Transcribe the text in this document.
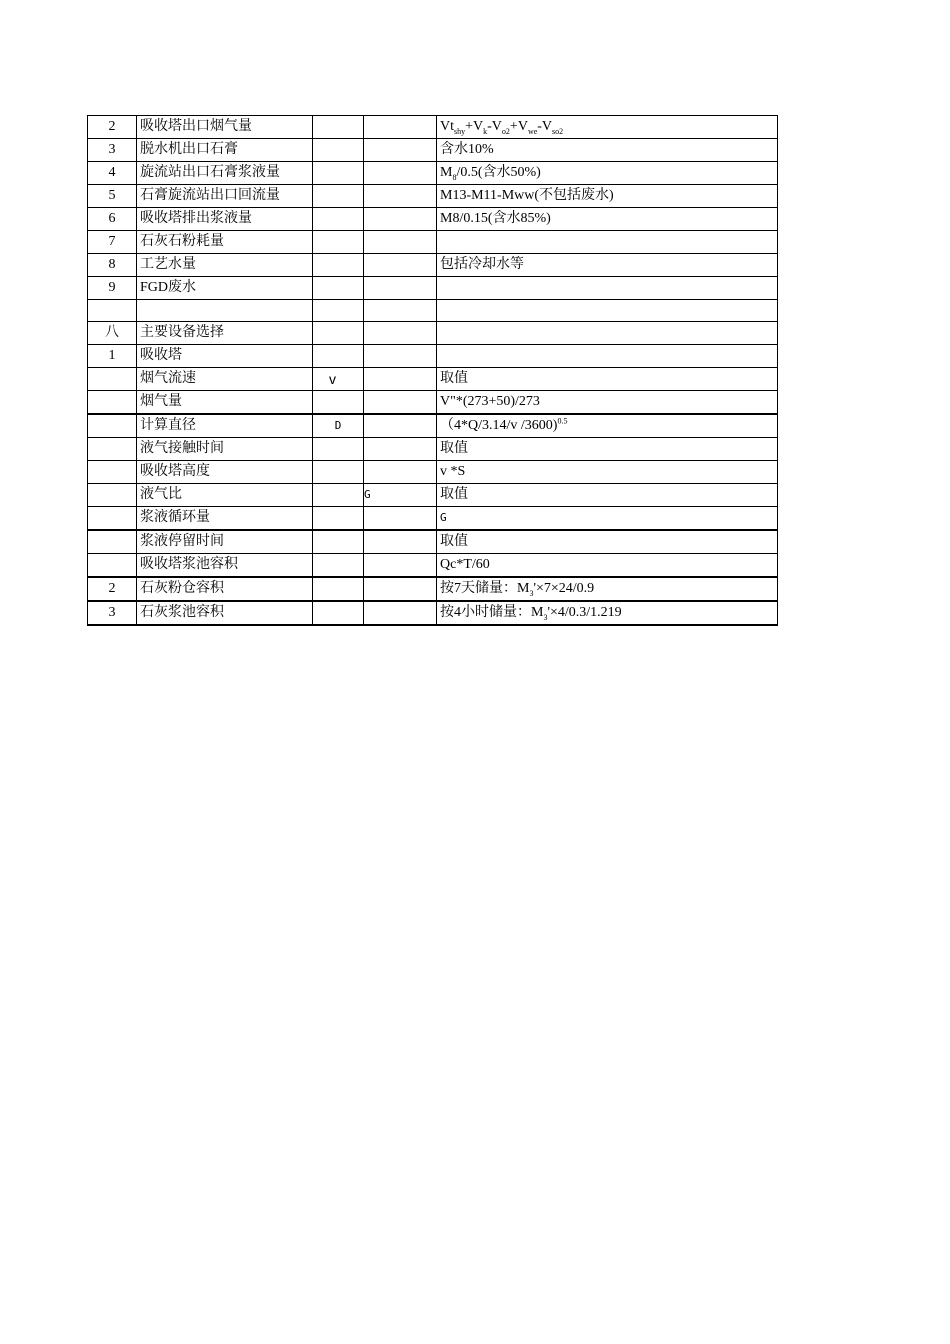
2	吸收塔出口烟气量			$Vt_{shy}+V_k-V_{o2}+V_{we}-V_{so2}$
3	脱水机出口石膏			含水10%
4	旋流站出口石膏浆液量			$M_8/0.5$(含水50%)
5	石膏旋流站出口回流量			M13-M11-Mww(不包括废水)
6	吸收塔排出浆液量			M8/0.15(含水85%)
7	石灰石粉耗量			
8	工艺水量			包括冷却水等
9	FGD废水			

八	主要设备选择			
1	吸收塔			
	烟气流速	v		取值
	烟气量			V"*(273+50)/273
	计算直径	D		（4*Q/3.14/v /3600)$^{0.5}$
	液气接触时间			取值
	吸收塔高度			v *S
	液气比		G	取值
	浆液循环量			G
	浆液停留时间			取值
	吸收塔浆池容积			Qc*T/60
2	石灰粉仓容积			按7天储量：$M_3'\times 7\times 24/0.9$
3	石灰浆池容积			按4小时储量：$M_3'\times 4/0.3/1.219$
